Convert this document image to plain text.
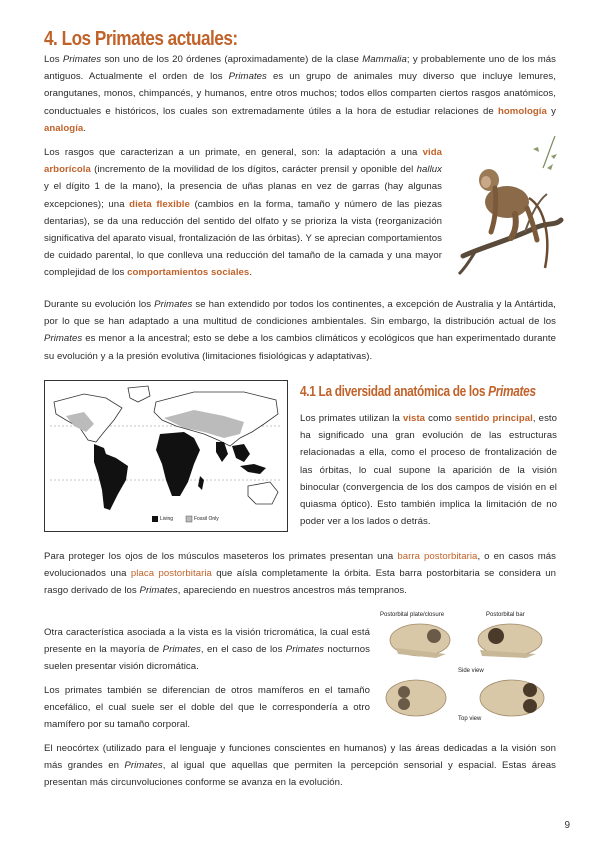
4. Los Primates actuales:
Los Primates son uno de los 20 órdenes (aproximadamente) de la clase Mammalia; y probablemente uno de los más antiguos. Actualmente el orden de los Primates es un grupo de animales muy diverso que incluye lemures, orangutanes, monos, chimpancés, y humanos, entre otros muchos; todos ellos comparten ciertos rasgos anatómicos, conductuales e históricos, los cuales son extremadamente útiles a la hora de estudiar relaciones de homología y analogía.
Los rasgos que caracterizan a un primate, en general, son: la adaptación a una vida arborícola (incremento de la movilidad de los dígitos, carácter prensil y oponible del hallux y el dígito 1 de la mano), la presencia de uñas planas en vez de garras (hay algunas excepciones); una dieta flexible (cambios en la forma, tamaño y número de las piezas dentarias), se da una reducción del sentido del olfato y se prioriza la vista (reorganización significativa del aparato visual, frontalización de las órbitas). Y se aprecian comportamientos de cuidado parental, lo que conlleva una reducción del tamaño de la camada y una mayor complejidad de los comportamientos sociales.
Durante su evolución los Primates se han extendido por todos los continentes, a excepción de Australia y la Antártida, por lo que se han adaptado a una multitud de condiciones ambientales. Sin embargo, la distribución actual de los Primates es menor a la ancestral; esto se debe a los cambios climáticos y ecológicos que han experimentado durante su evolución y a la presión evolutiva (limitaciones fisiológicas y adaptativas).
Living	Fossil Only
4.1 La diversidad anatómica de los Primates
Los primates utilizan la vista como sentido principal, esto ha significado una gran evolución de las estructuras relacionadas a ella, como el proceso de frontalización de las órbitas, lo cual supone la aparición de la visión binocular (convergencia de los dos campos de visión en el quiasma óptico). Esto también implica la limitación de no poder ver a los lados o detrás.
Para proteger los ojos de los músculos maseteros los primates presentan una barra postorbitaria, o en casos más evolucionados una placa postorbitaria que aísla completamente la órbita. Esta barra postorbitaria se considera un rasgo derivado de los Primates, apareciendo en nuestros ancestros más tempranos.
Postorbital plate/closure	Postorbital bar
Side view
Top view
Otra característica asociada a la vista es la visión tricromática, la cual está presente en la mayoría de Primates, en el caso de los Primates nocturnos suelen presentar visión dicromática.
Los primates también se diferencian de otros mamíferos en el tamaño encefálico, el cual suele ser el doble del que le correspondería a otro mamífero por su tamaño corporal.
El neocórtex (utilizado para el lenguaje y funciones conscientes en humanos) y las áreas dedicadas a la visión son más grandes en Primates, al igual que aquellas que permiten la percepción sensorial y espacial. Estas áreas presentan más circunvoluciones conforme se avanza en la evolución.
9
